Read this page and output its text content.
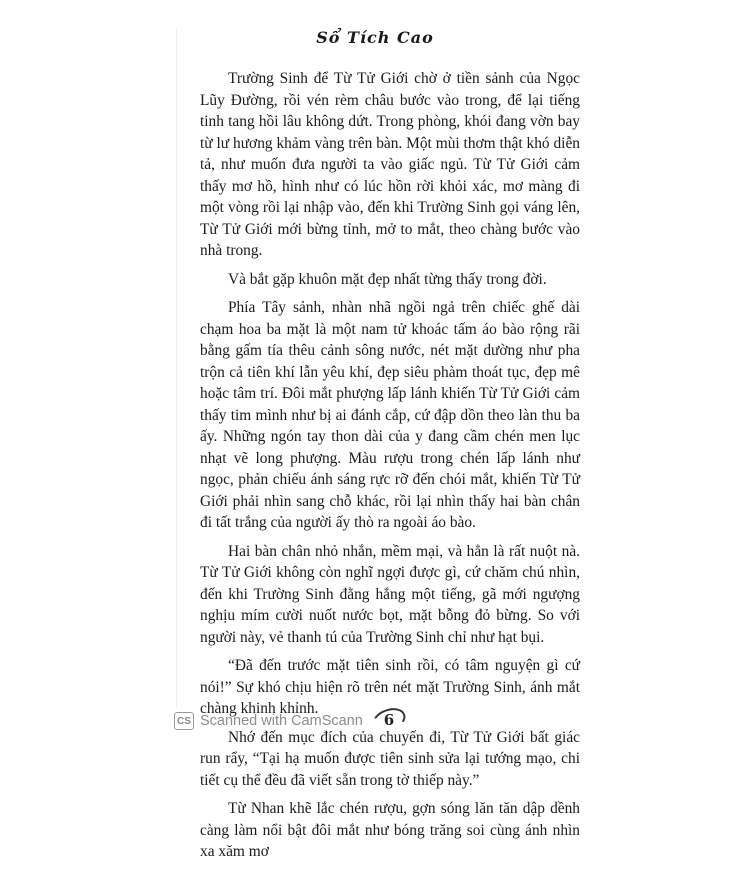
Sổ Tích Cao

Trường Sinh để Từ Tử Giới chờ ở tiền sảnh của Ngọc Lũy Đường, rồi vén rèm châu bước vào trong, để lại tiếng tinh tang hồi lâu không dứt. Trong phòng, khói đang vờn bay từ lư hương khảm vàng trên bàn. Một mùi thơm thật khó diễn tả, như muốn đưa người ta vào giấc ngủ. Từ Tử Giới cảm thấy mơ hồ, hình như có lúc hồn rời khỏi xác, mơ màng đi một vòng rồi lại nhập vào, đến khi Trường Sinh gọi váng lên, Từ Tử Giới mới bừng tỉnh, mở to mắt, theo chàng bước vào nhà trong.

Và bắt gặp khuôn mặt đẹp nhất từng thấy trong đời.

Phía Tây sảnh, nhàn nhã ngồi ngả trên chiếc ghế dài chạm hoa ba mặt là một nam tử khoác tấm áo bào rộng rãi bằng gấm tía thêu cảnh sông nước, nét mặt dường như pha trộn cả tiên khí lẫn yêu khí, đẹp siêu phàm thoát tục, đẹp mê hoặc tâm trí. Đôi mắt phượng lấp lánh khiến Từ Tử Giới cảm thấy tim mình như bị ai đánh cắp, cứ đập dồn theo làn thu ba ấy. Những ngón tay thon dài của y đang cầm chén men lục nhạt vẽ long phượng. Màu rượu trong chén lấp lánh như ngọc, phản chiếu ánh sáng rực rỡ đến chói mắt, khiến Từ Tử Giới phải nhìn sang chỗ khác, rồi lại nhìn thấy hai bàn chân đi tất trắng của người ấy thò ra ngoài áo bào.

Hai bàn chân nhỏ nhắn, mềm mại, và hẳn là rất nuột nà. Từ Tử Giới không còn nghĩ ngợi được gì, cứ chăm chú nhìn, đến khi Trường Sinh đằng hắng một tiếng, gã mới ngượng nghịu mím cười nuốt nước bọt, mặt bỗng đỏ bừng. So với người này, vẻ thanh tú của Trường Sinh chỉ như hạt bụi.

“Đã đến trước mặt tiên sinh rồi, có tâm nguyện gì cứ nói!” Sự khó chịu hiện rõ trên nét mặt Trường Sinh, ánh mắt chàng khinh khỉnh.

Nhớ đến mục đích của chuyến đi, Từ Tử Giới bất giác run rẩy, “Tại hạ muốn được tiên sinh sửa lại tướng mạo, chi tiết cụ thể đều đã viết sẵn trong tờ thiếp này.”

Từ Nhan khẽ lắc chén rượu, gợn sóng lăn tăn dập dềnh càng làm nổi bật đôi mắt như bóng trăng soi cùng ánh nhìn xa xăm mơ

CS Scanned with CamScann	6
